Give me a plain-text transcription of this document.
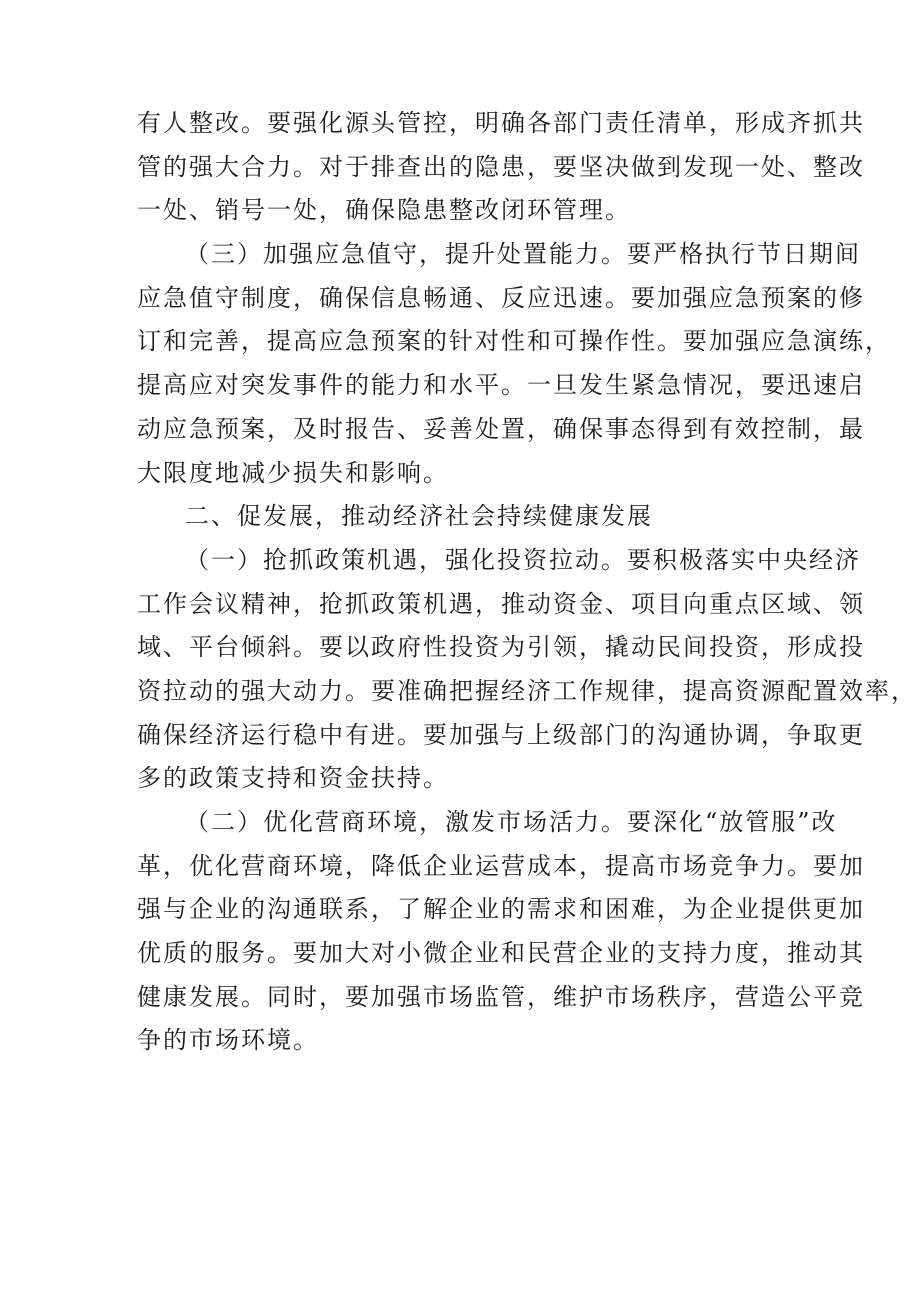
有人整改。要强化源头管控，明确各部门责任清单，形成齐抓共
管的强大合力。对于排查出的隐患，要坚决做到发现一处、整改
一处、销号一处，确保隐患整改闭环管理。
（三）加强应急值守，提升处置能力。要严格执行节日期间
应急值守制度，确保信息畅通、反应迅速。要加强应急预案的修
订和完善，提高应急预案的针对性和可操作性。要加强应急演练，
提高应对突发事件的能力和水平。一旦发生紧急情况，要迅速启
动应急预案，及时报告、妥善处置，确保事态得到有效控制，最
大限度地减少损失和影响。
二、促发展，推动经济社会持续健康发展
（一）抢抓政策机遇，强化投资拉动。要积极落实中央经济
工作会议精神，抢抓政策机遇，推动资金、项目向重点区域、领
域、平台倾斜。要以政府性投资为引领，撬动民间投资，形成投
资拉动的强大动力。要准确把握经济工作规律，提高资源配置效率，
确保经济运行稳中有进。要加强与上级部门的沟通协调，争取更
多的政策支持和资金扶持。
（二）优化营商环境，激发市场活力。要深化“放管服”改
革，优化营商环境，降低企业运营成本，提高市场竞争力。要加
强与企业的沟通联系，了解企业的需求和困难，为企业提供更加
优质的服务。要加大对小微企业和民营企业的支持力度，推动其
健康发展。同时，要加强市场监管，维护市场秩序，营造公平竞
争的市场环境。
